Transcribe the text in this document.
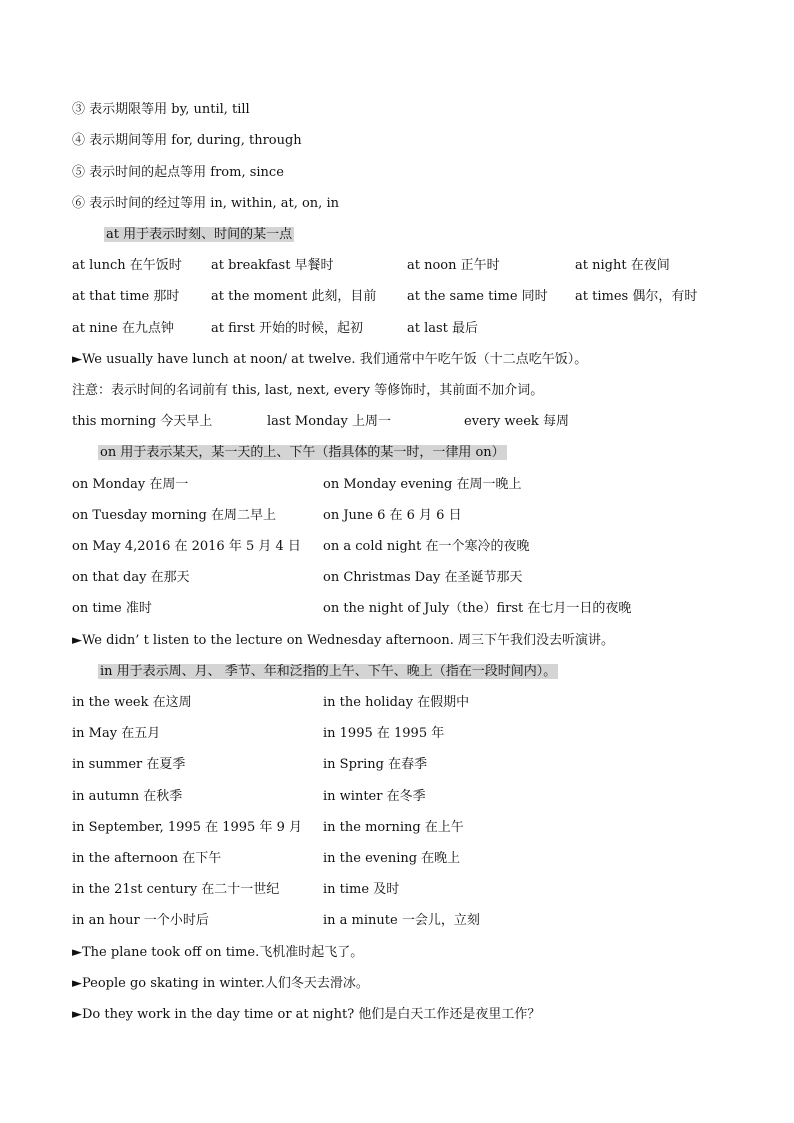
③ 表示期限等用 by, until, till
④ 表示期间等用 for, during, through
⑤ 表示时间的起点等用 from, since
⑥ 表示时间的经过等用 in, within, at, on, in
at 用于表示时刻、时间的某一点
at lunch 在午饭时 at breakfast 早餐时	at noon 正午时	at night 在夜间
at that time 那时 at the moment 此刻，目前 at the same time 同时 at times 偶尔，有时
at nine 在九点钟	at first 开始的时候，起初	at last 最后
►We usually have lunch at noon/ at twelve. 我们通常中午吃午饭（十二点吃午饭）。
注意：表示时间的名词前有 this, last, next, every 等修饰时，其前面不加介词。
this morning 今天早上	last Monday 上周一	every week 每周
on 用于表示某天，某一天的上、下午（指具体的某一时，一律用 on）
on Monday 在周一	on Monday evening 在周一晚上
on Tuesday morning 在周二早上	on June 6 在 6 月 6 日
on May 4,2016 在 2016 年 5 月 4 日 on a cold night 在一个寒冷的夜晚
on that day 在那天	on Christmas Day 在圣诞节那天
on time 准时	on the night of July（the）first 在七月一日的夜晚
►We didn’ t listen to the lecture on Wednesday afternoon. 周三下午我们没去听演讲。
in 用于表示周、月、 季节、年和泛指的上午、下午、晚上（指在一段时间内）。
in the week 在这周	in the holiday 在假期中
in May 在五月	in 1995 在 1995 年
in summer 在夏季	in Spring 在春季
in autumn 在秋季	in winter 在冬季
in September, 1995 在 1995 年 9 月 in the morning 在上午
in the afternoon 在下午	in the evening 在晚上
in the 21st century 在二十一世纪	in time 及时
in an hour 一个小时后	in a minute 一会儿，立刻
►The plane took off on time.飞机准时起飞了。
►People go skating in winter.人们冬天去滑冰。
►Do they work in the day time or at night? 他们是白天工作还是夜里工作？
